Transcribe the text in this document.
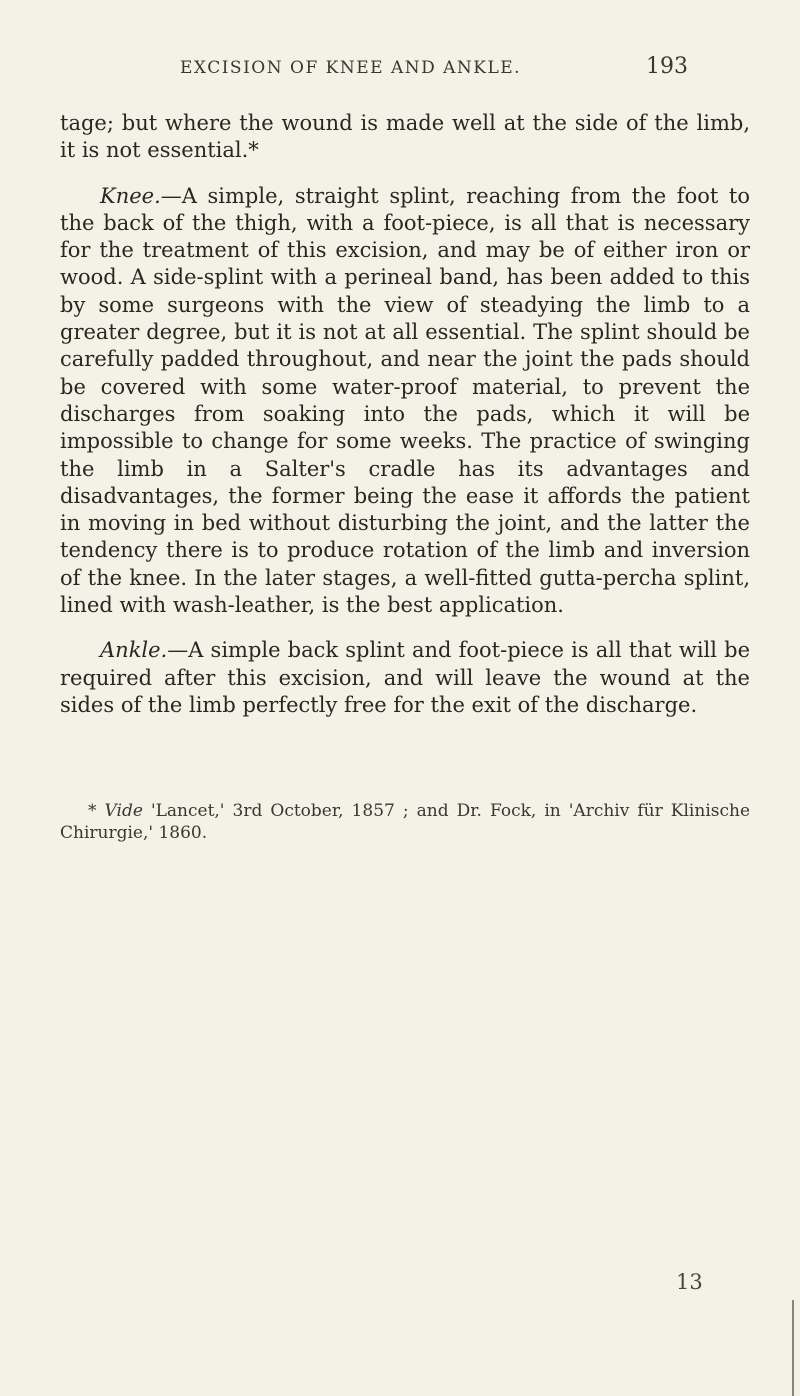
EXCISION OF KNEE AND ANKLE.	193

tage; but where the wound is made well at the side of the limb, it is not essential.*

Knee.—A simple, straight splint, reaching from the foot to the back of the thigh, with a foot-piece, is all that is necessary for the treatment of this excision, and may be of either iron or wood. A side-splint with a perineal band, has been added to this by some surgeons with the view of steadying the limb to a greater degree, but it is not at all essential. The splint should be carefully padded throughout, and near the joint the pads should be covered with some water-proof material, to prevent the discharges from soaking into the pads, which it will be impossible to change for some weeks. The practice of swinging the limb in a Salter's cradle has its advantages and disadvantages, the former being the ease it affords the patient in moving in bed without disturbing the joint, and the latter the tendency there is to produce rotation of the limb and inversion of the knee. In the later stages, a well-fitted gutta-percha splint, lined with wash-leather, is the best application.

Ankle.—A simple back splint and foot-piece is all that will be required after this excision, and will leave the wound at the sides of the limb perfectly free for the exit of the discharge.

* Vide 'Lancet,' 3rd October, 1857 ; and Dr. Fock, in 'Archiv für Klinische Chirurgie,' 1860.
13
